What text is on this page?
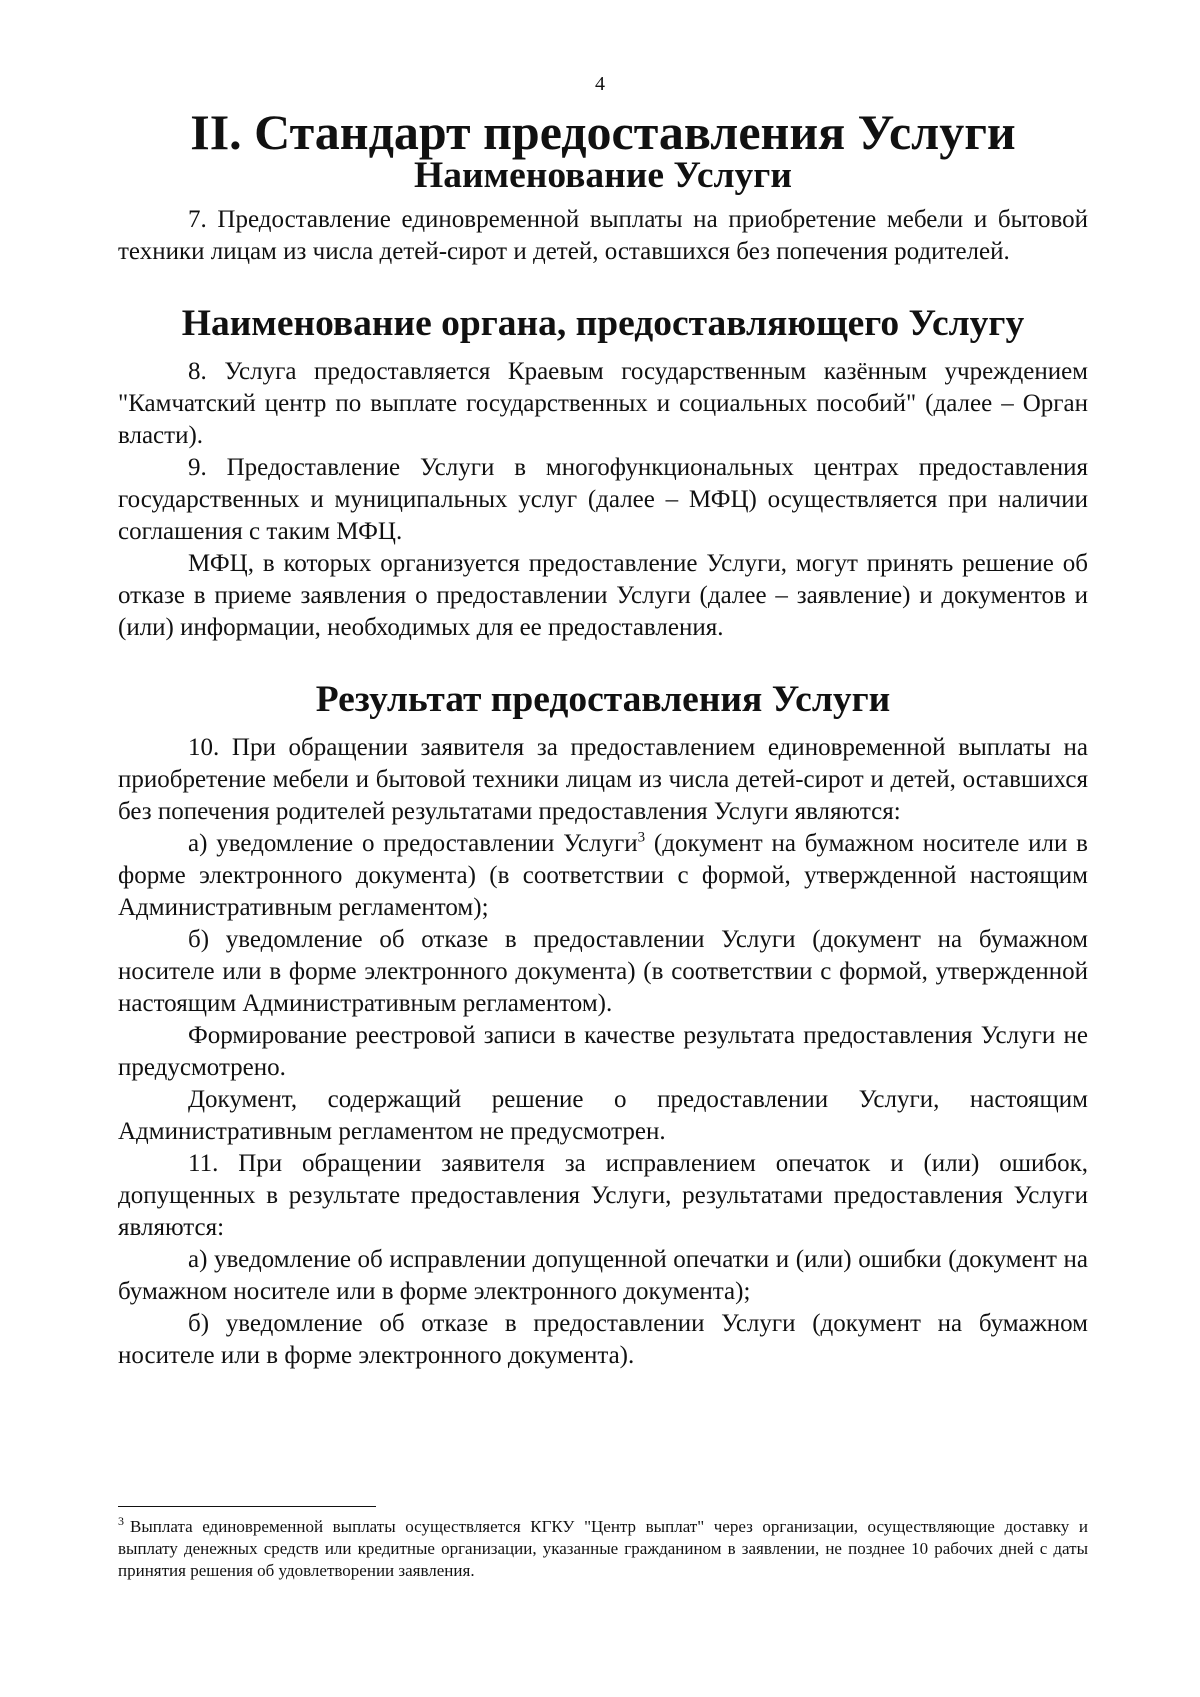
4
II. Стандарт предоставления Услуги
Наименование Услуги

7. Предоставление единовременной выплаты на приобретение мебели и бытовой техники лицам из числа детей-сирот и детей, оставшихся без попечения родителей.

Наименование органа, предоставляющего Услугу

8. Услуга предоставляется Краевым государственным казённым учреждением "Камчатский центр по выплате государственных и социальных пособий" (далее – Орган власти).

9. Предоставление Услуги в многофункциональных центрах предоставления государственных и муниципальных услуг (далее – МФЦ) осуществляется при наличии соглашения с таким МФЦ.

МФЦ, в которых организуется предоставление Услуги, могут принять решение об отказе в приеме заявления о предоставлении Услуги (далее – заявление) и документов и (или) информации, необходимых для ее предоставления.

Результат предоставления Услуги

10. При обращении заявителя за предоставлением единовременной выплаты на приобретение мебели и бытовой техники лицам из числа детей-сирот и детей, оставшихся без попечения родителей результатами предоставления Услуги являются:

а) уведомление о предоставлении Услуги$^3$ (документ на бумажном носителе или в форме электронного документа) (в соответствии с формой, утвержденной настоящим Административным регламентом);

б) уведомление об отказе в предоставлении Услуги (документ на бумажном носителе или в форме электронного документа) (в соответствии с формой, утвержденной настоящим Административным регламентом).

Формирование реестровой записи в качестве результата предоставления Услуги не предусмотрено.

Документ, содержащий решение о предоставлении Услуги, настоящим Административным регламентом не предусмотрен.

11. При обращении заявителя за исправлением опечаток и (или) ошибок, допущенных в результате предоставления Услуги, результатами предоставления Услуги являются:

а) уведомление об исправлении допущенной опечатки и (или) ошибки (документ на бумажном носителе или в форме электронного документа);

б) уведомление об отказе в предоставлении Услуги (документ на бумажном носителе или в форме электронного документа).

$^3$ Выплата единовременной выплаты осуществляется КГКУ "Центр выплат" через организации, осуществляющие доставку и выплату денежных средств или кредитные организации, указанные гражданином в заявлении, не позднее 10 рабочих дней с даты принятия решения об удовлетворении заявления.
